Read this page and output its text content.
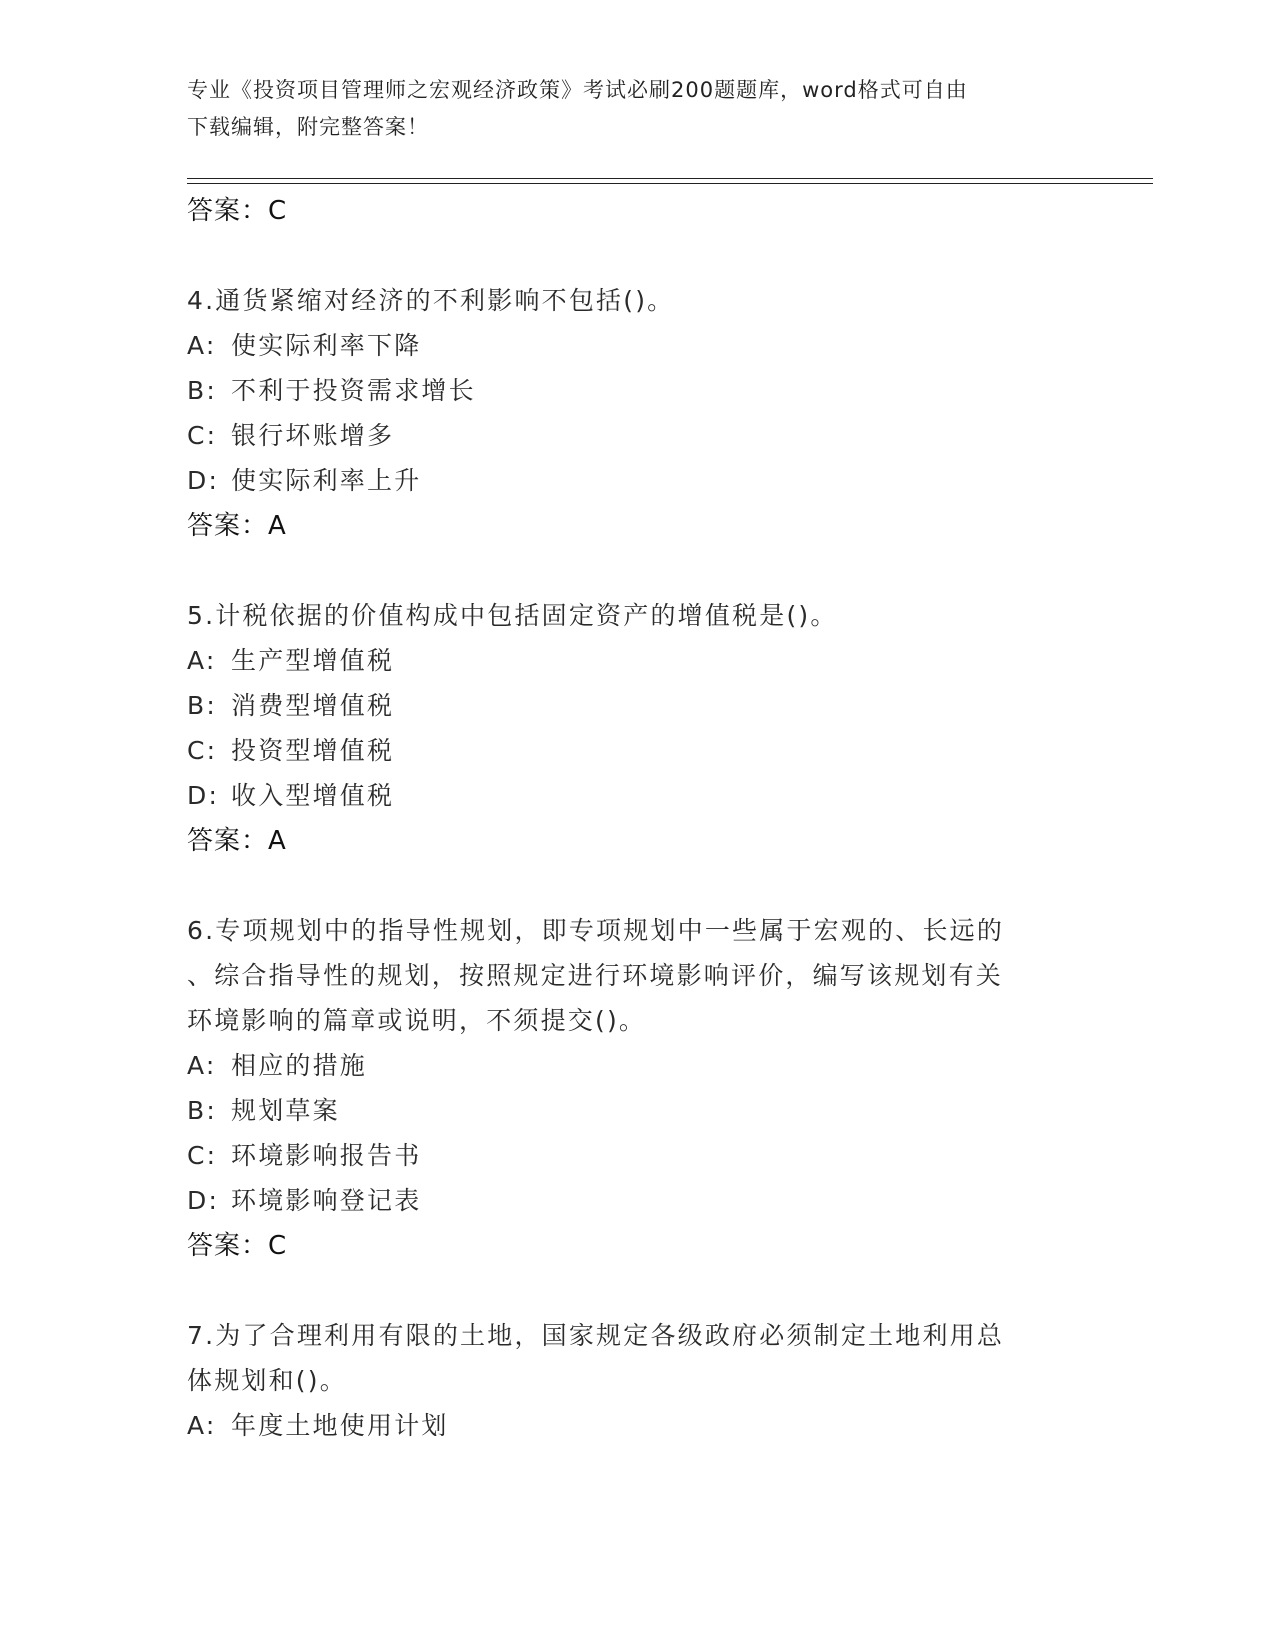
专业《投资项目管理师之宏观经济政策》考试必刷200题题库，word格式可自由
下载编辑，附完整答案！
答案：C
4.通货紧缩对经济的不利影响不包括()。
A: 使实际利率下降
B: 不利于投资需求增长
C: 银行坏账增多
D: 使实际利率上升
答案：A
5.计税依据的价值构成中包括固定资产的增值税是()。
A: 生产型增值税
B: 消费型增值税
C: 投资型增值税
D: 收入型增值税
答案：A
6.专项规划中的指导性规划，即专项规划中一些属于宏观的、长远的
、综合指导性的规划，按照规定进行环境影响评价，编写该规划有关
环境影响的篇章或说明，不须提交()。
A: 相应的措施
B: 规划草案
C: 环境影响报告书
D: 环境影响登记表
答案：C
7.为了合理利用有限的土地，国家规定各级政府必须制定土地利用总
体规划和()。
A: 年度土地使用计划
